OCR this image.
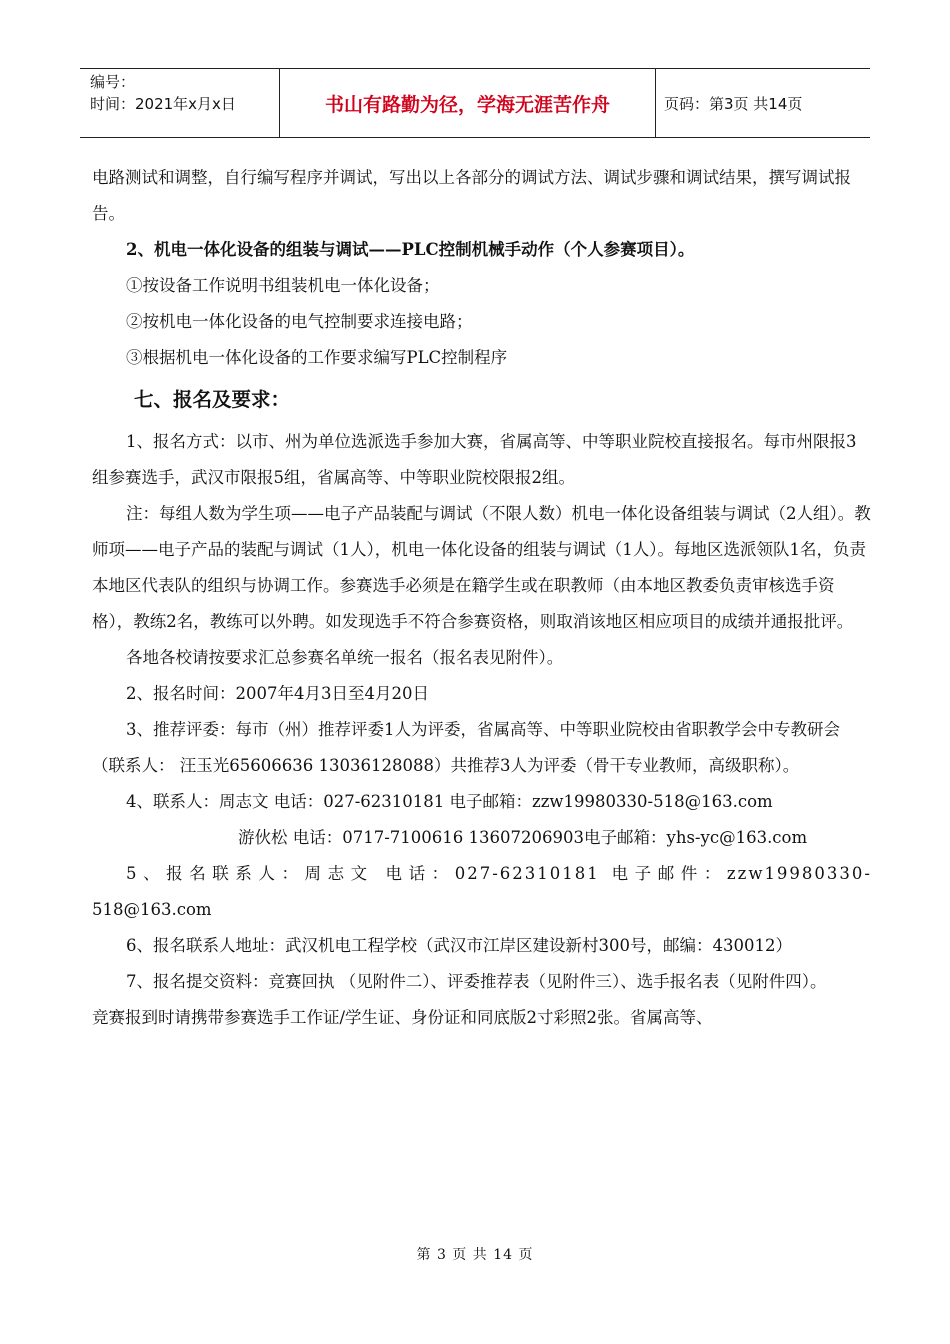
编号：
时间：2021年x月x日	书山有路勤为径，学海无涯苦作舟	页码：第3页 共14页

电路测试和调整，自行编写程序并调试，写出以上各部分的调试方法、调试步骤和调试结果，撰写调试报告。

2、机电一体化设备的组装与调试——PLC控制机械手动作（个人参赛项目）。

①按设备工作说明书组装机电一体化设备；

②按机电一体化设备的电气控制要求连接电路；

③根据机电一体化设备的工作要求编写PLC控制程序

七、报名及要求：

1、报名方式：以市、州为单位选派选手参加大赛，省属高等、中等职业院校直接报名。每市州限报3组参赛选手，武汉市限报5组，省属高等、中等职业院校限报2组。

注：每组人数为学生项——电子产品装配与调试（不限人数）机电一体化设备组装与调试（2人组）。教师项——电子产品的装配与调试（1人），机电一体化设备的组装与调试（1人）。每地区选派领队1名，负责本地区代表队的组织与协调工作。参赛选手必须是在籍学生或在职教师（由本地区教委负责审核选手资格），教练2名，教练可以外聘。如发现选手不符合参赛资格，则取消该地区相应项目的成绩并通报批评。

各地各校请按要求汇总参赛名单统一报名（报名表见附件）。

2、报名时间：2007年4月3日至4月20日

3、推荐评委：每市（州）推荐评委1人为评委，省属高等、中等职业院校由省职教学会中专教研会（联系人： 汪玉光65606636 13036128088）共推荐3人为评委（骨干专业教师，高级职称）。

4、联系人：周志文 电话：027-62310181 电子邮箱：zzw19980330-518@163.com

游伙松 电话：0717-7100616 13607206903电子邮箱：yhs-yc@163.com

5、报名联系人：周志文 电话：027-62310181 电子邮件：zzw19980330-

518@163.com

6、报名联系人地址：武汉机电工程学校（武汉市江岸区建设新村300号，邮编：430012）

7、报名提交资料：竞赛回执 （见附件二）、评委推荐表（见附件三）、选手报名表（见附件四）。

竞赛报到时请携带参赛选手工作证/学生证、身份证和同底版2寸彩照2张。省属高等、

第 3 页 共 14 页
